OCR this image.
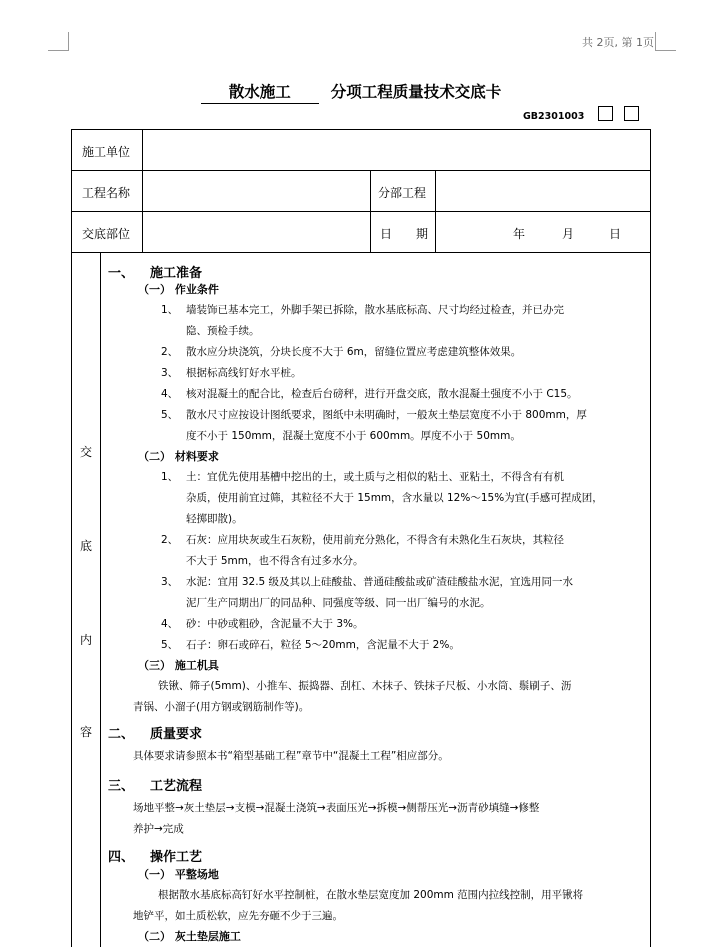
共 2页, 第 1页
散水施工	分项工程质量技术交底卡
GB2301003
施工单位
工程名称	分部工程
交底部位	日　　期	年	月	日
交
底
内
容
一、 施工准备
（一） 作业条件
1、 墙装饰已基本完工，外脚手架已拆除，散水基底标高、尺寸均经过检查，并已办完
隐、预检手续。
2、 散水应分块浇筑，分块长度不大于 6m，留缝位置应考虑建筑整体效果。
3、 根据标高线钉好水平桩。
4、 核对混凝土的配合比，检查后台磅秤，进行开盘交底，散水混凝土强度不小于 C15。
5、 散水尺寸应按设计图纸要求，图纸中未明确时，一般灰土垫层宽度不小于 800mm，厚
度不小于 150mm，混凝土宽度不小于 600mm。厚度不小于 50mm。
（二） 材料要求
1、 土：宜优先使用基槽中挖出的土，或土质与之相似的粘土、亚粘土，不得含有有机
杂质，使用前宜过筛，其粒径不大于 15mm，含水量以 12%～15%为宜(手感可捏成团，
轻掷即散)。
2、 石灰：应用块灰或生石灰粉，使用前充分熟化，不得含有未熟化生石灰块，其粒径
不大于 5mm，也不得含有过多水分。
3、 水泥：宜用 32.5 级及其以上硅酸盐、普通硅酸盐或矿渣硅酸盐水泥，宜选用同一水
泥厂生产同期出厂的同品种、同强度等级、同一出厂编号的水泥。
4、 砂：中砂或粗砂，含泥量不大于 3%。
5、 石子：卵石或碎石，粒径 5～20mm，含泥量不大于 2%。
（三） 施工机具
铁锹、筛子(5mm)、小推车、振捣器、刮杠、木抹子、铁抹子尺板、小水筒、鬃刷子、沥
青锅、小溜子(用方钢或钢筋制作等)。
二、 质量要求
具体要求请参照本书“箱型基础工程”章节中“混凝土工程”相应部分。
三、 工艺流程
场地平整→灰土垫层→支模→混凝土浇筑→表面压光→拆模→侧帮压光→沥青砂填缝→修整
养护→完成
四、 操作工艺
（一） 平整场地
根据散水基底标高钉好水平控制桩，在散水垫层宽度加 200mm 范围内拉线控制，用平锹将
地铲平，如土质松软，应先夯砸不少于三遍。
（二） 灰土垫层施工
